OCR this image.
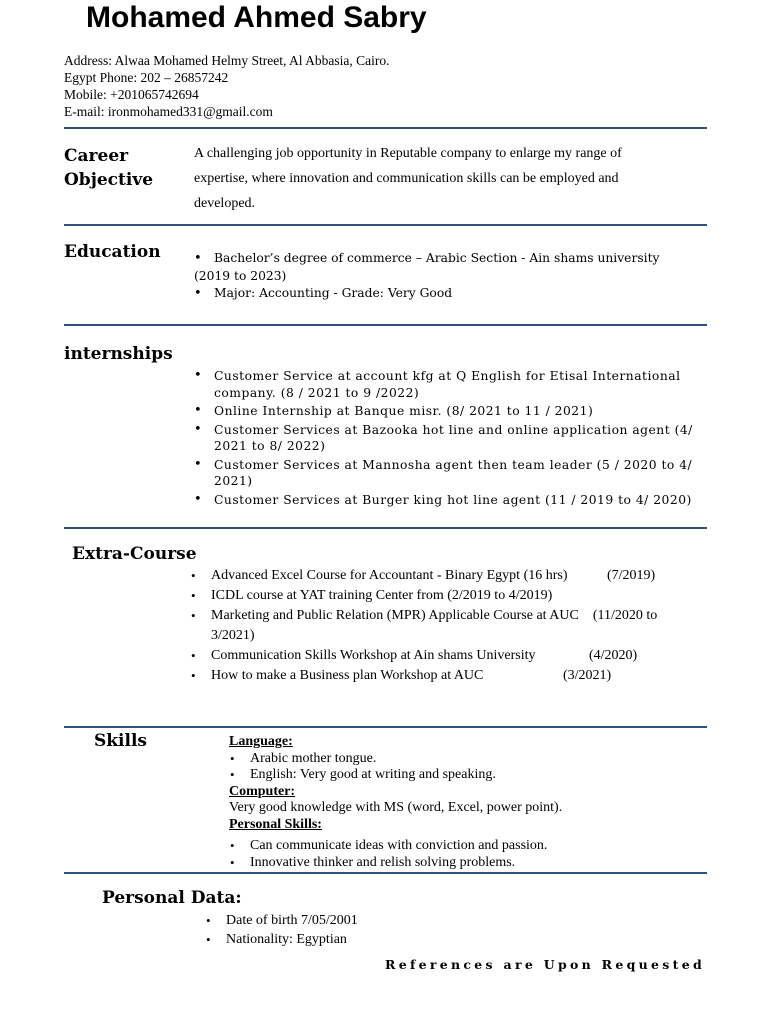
Mohamed Ahmed Sabry
Address: Alwaa Mohamed Helmy Street, Al Abbasia, Cairo.
Egypt Phone: 202 – 26857242
Mobile: +201065742694
E-mail: ironmohamed331@gmail.com
Career Objective
A challenging job opportunity in Reputable company to enlarge my range of expertise, where innovation and communication skills can be employed and developed.
Education
•	Bachelor’s degree of commerce – Arabic Section - Ain shams university (2019 to 2023)
• Major: Accounting - Grade: Very Good
internships
• Customer Service at account kfg at Q English for Etisal International company. (8 / 2021 to 9 /2022)
• Online Internship at Banque misr. (8/ 2021 to 11 / 2021)
• Customer Services at Bazooka hot line and online application agent (4/ 2021 to 8/ 2022)
• Customer Services at Mannosha agent then team leader (5 / 2020 to 4/ 2021)
• Customer Services at Burger king hot line agent (11 / 2019 to 4/ 2020)
Extra-Course
• Advanced Excel Course for Accountant - Binary Egypt (16 hrs)	(7/2019)
• ICDL course at YAT training Center from (2/2019 to 4/2019)
• Marketing and Public Relation (MPR) Applicable Course at AUC (11/2020 to 3/2021)
• Communication Skills Workshop at Ain shams University	(4/2020)
• How to make a Business plan Workshop at AUC	(3/2021)
Skills	Language:
• Arabic mother tongue.
• English: Very good at writing and speaking.
Computer:
Very good knowledge with MS (word, Excel, power point).
Personal Skills:
• Can communicate ideas with conviction and passion.
• Innovative thinker and relish solving problems.
Personal Data:
• Date of birth 7/05/2001
• Nationality: Egyptian
References are Upon Requested
